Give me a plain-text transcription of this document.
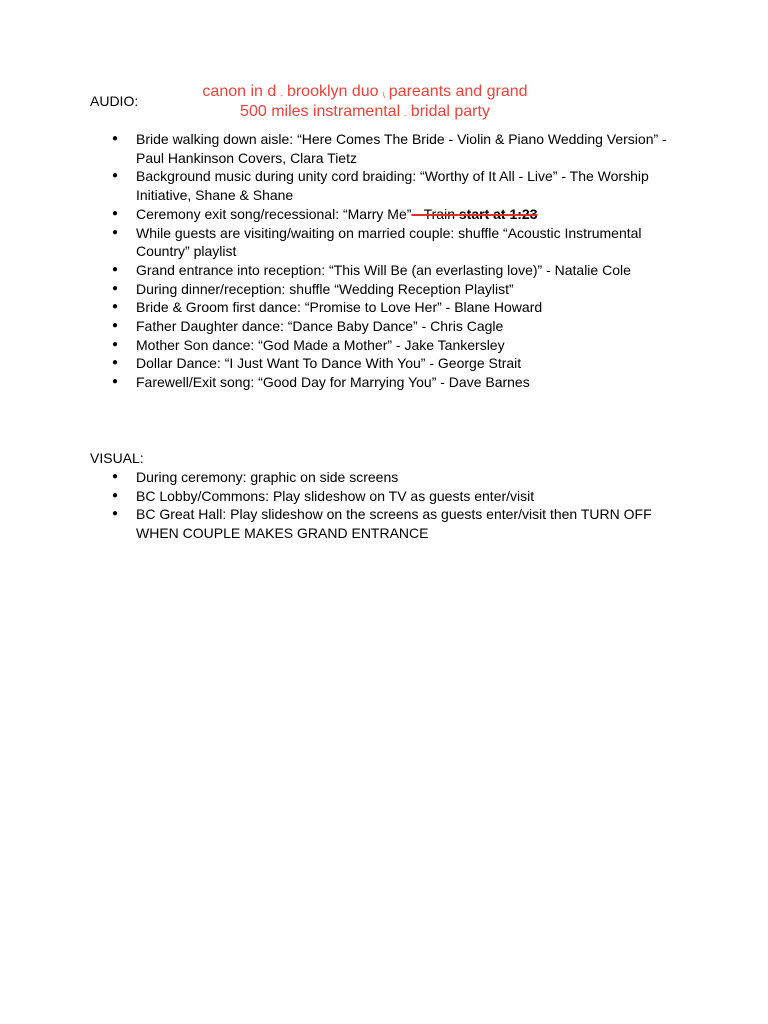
AUDIO:

canon in d - brooklyn duo \ pareants and grand
500 miles instramental - bridal party
● Bride walking down aisle: “Here Comes The Bride - Violin & Piano Wedding Version” - Paul Hankinson Covers, Clara Tietz
● Background music during unity cord braiding: “Worthy of It All - Live” - The Worship Initiative, Shane & Shane
● Ceremony exit song/recessional: “Marry Me” - Train start at 1:23
● While guests are visiting/waiting on married couple: shuffle “Acoustic Instrumental Country” playlist
● Grand entrance into reception: “This Will Be (an everlasting love)” - Natalie Cole
● During dinner/reception: shuffle “Wedding Reception Playlist”
● Bride & Groom first dance: “Promise to Love Her” - Blane Howard
● Father Daughter dance: “Dance Baby Dance” - Chris Cagle
● Mother Son dance: “God Made a Mother” - Jake Tankersley
● Dollar Dance: “I Just Want To Dance With You” - George Strait
● Farewell/Exit song: “Good Day for Marrying You” - Dave Barnes

VISUAL:

● During ceremony: graphic on side screens
● BC Lobby/Commons: Play slideshow on TV as guests enter/visit
● BC Great Hall: Play slideshow on the screens as guests enter/visit then TURN OFF WHEN COUPLE MAKES GRAND ENTRANCE
